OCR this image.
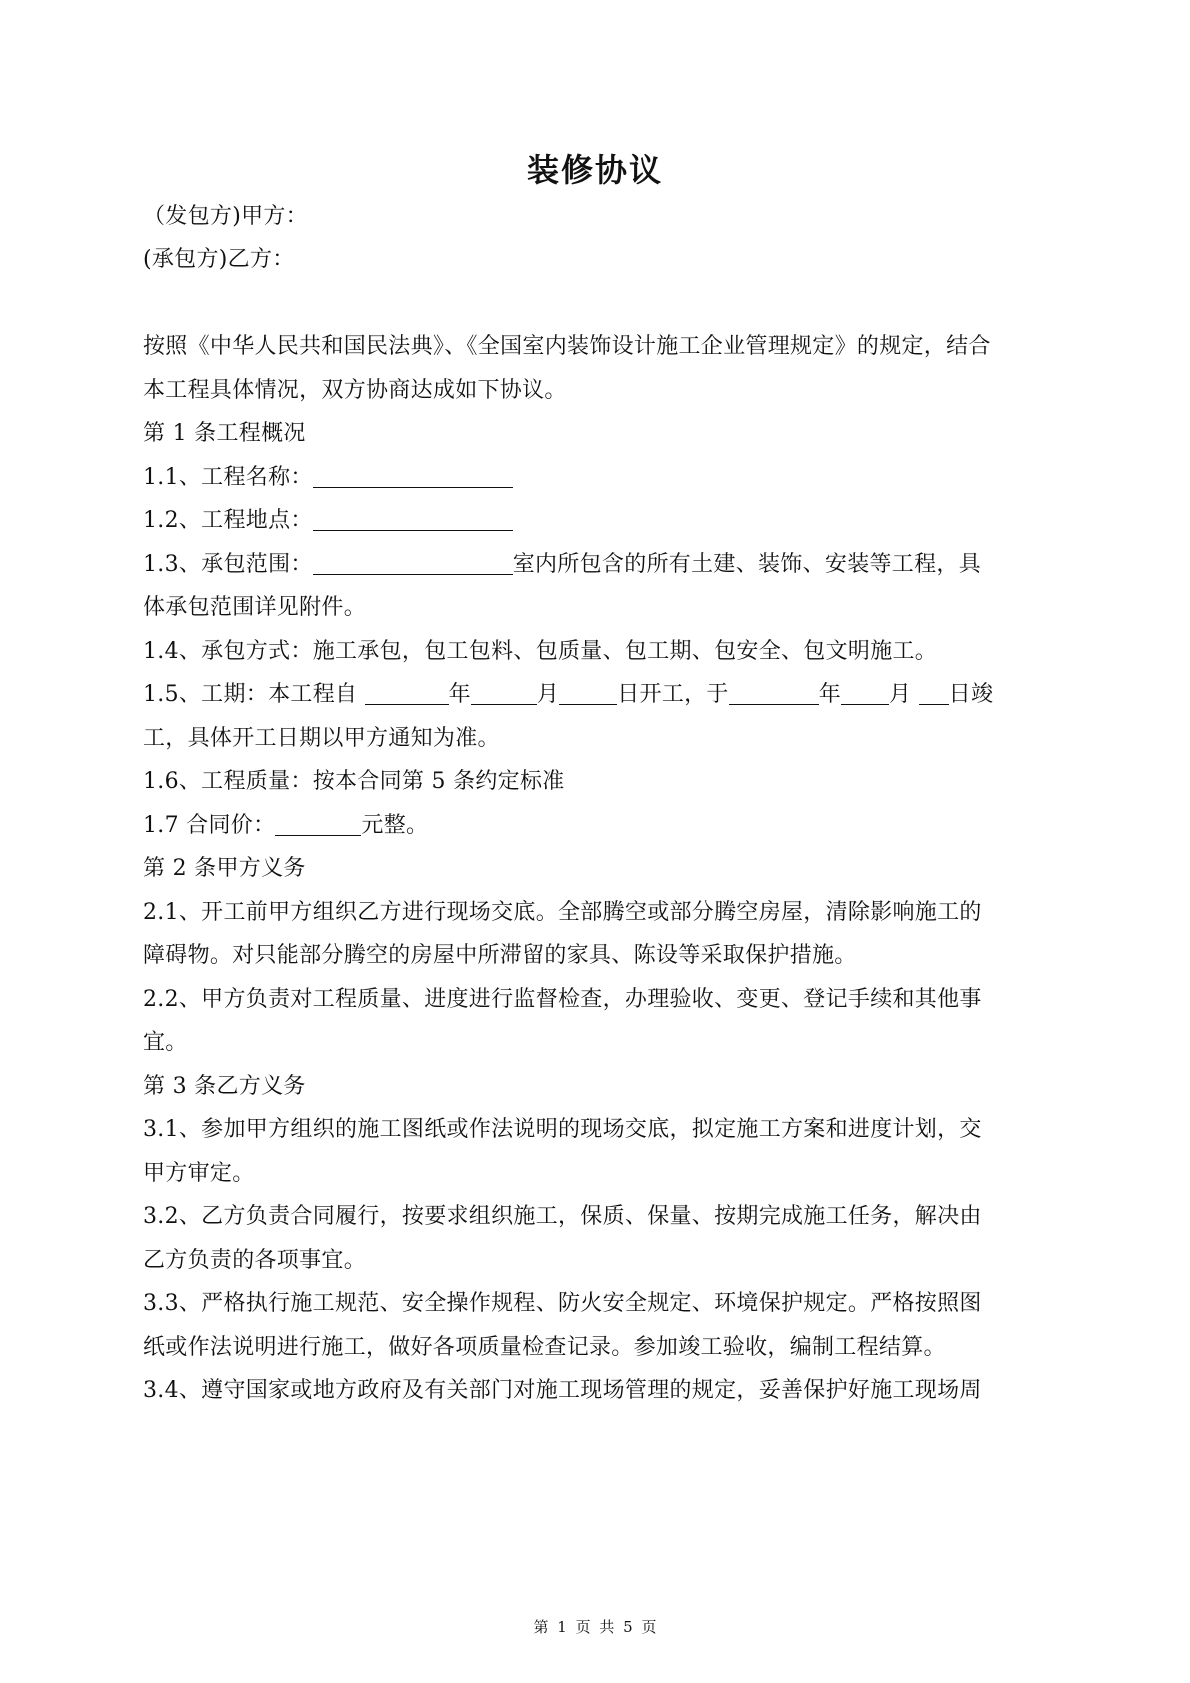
装修协议
（发包方)甲方：
(承包方)乙方：
按照《中华人民共和国民法典》、《全国室内装饰设计施工企业管理规定》的规定，结合
本工程具体情况，双方协商达成如下协议。
第 1 条工程概况
1.1、工程名称：
1.2、工程地点：
1.3、承包范围：	室内所包含的所有土建、装饰、安装等工程，具
体承包范围详见附件。
1.4、承包方式：施工承包，包工包料、包质量、包工期、包安全、包文明施工。
1.5、工期：本工程自	年	月	日开工，于	年 月 日竣
工，具体开工日期以甲方通知为准。
1.6、工程质量：按本合同第 5 条约定标准
1.7 合同价：	元整。
第 2 条甲方义务
2.1、开工前甲方组织乙方进行现场交底。全部腾空或部分腾空房屋，清除影响施工的
障碍物。对只能部分腾空的房屋中所滞留的家具、陈设等采取保护措施。
2.2、甲方负责对工程质量、进度进行监督检查，办理验收、变更、登记手续和其他事
宜。
第 3 条乙方义务
3.1、参加甲方组织的施工图纸或作法说明的现场交底，拟定施工方案和进度计划，交
甲方审定。
3.2、乙方负责合同履行，按要求组织施工，保质、保量、按期完成施工任务，解决由
乙方负责的各项事宜。
3.3、严格执行施工规范、安全操作规程、防火安全规定、环境保护规定。严格按照图
纸或作法说明进行施工，做好各项质量检查记录。参加竣工验收，编制工程结算。
3.4、遵守国家或地方政府及有关部门对施工现场管理的规定，妥善保护好施工现场周
第 1 页 共 5 页
